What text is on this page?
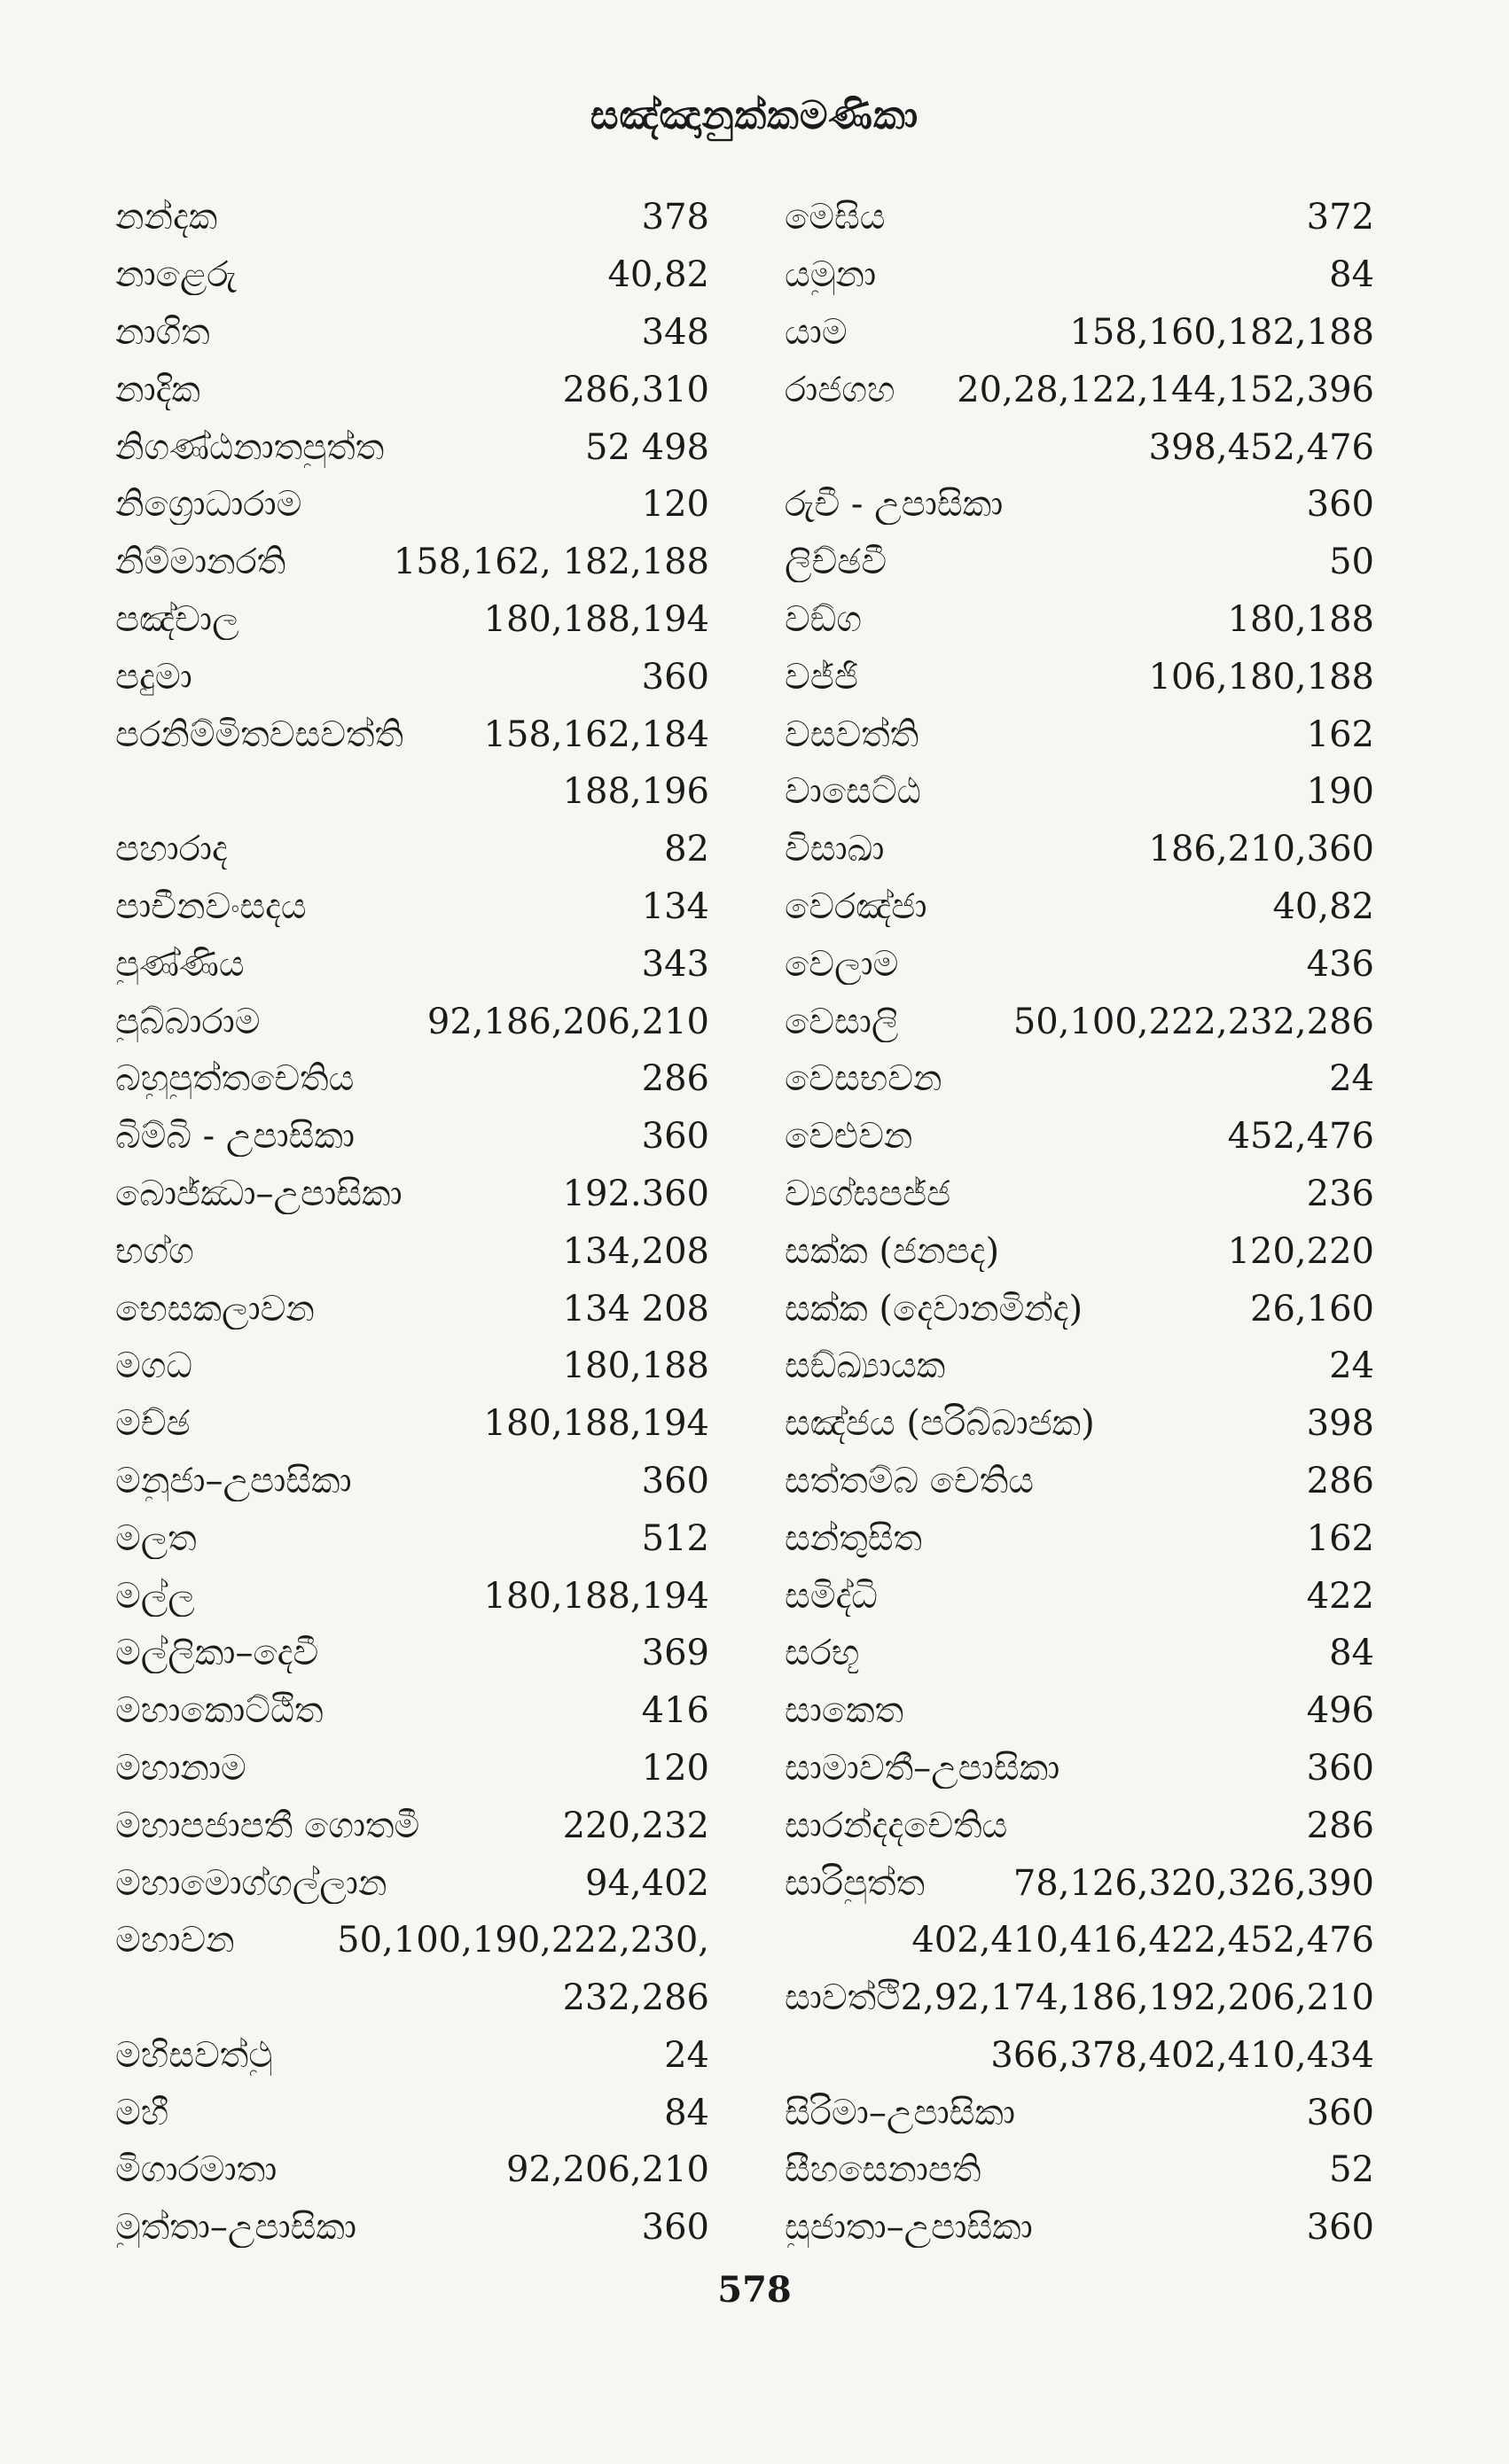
සඤ්ඤානුක්කමණිකා
නන්දක	378
නාළෙරු	40,82
නාගිත	348
නාදික	286,310
නිගණ්ඨනාතපුත්ත	52 498
නිග්‍රොධාරාම	120
නිම්මානරති	158,162, 182,188
පඤ්චාල	180,188,194
පදුමා	360
පරනිම්මිතවසවත්ති 158,162,184
188,196
පහාරාද	82
පාචීනවංසදය	134
පුණ්ණිය	343
පුබ්බාරාම	92,186,206,210
බහුපුත්තචෙතිය	286
බිම්බි - උපාසිකා	360
බොජ්ඣා–උපාසිකා	192.360
භග්ග	134,208
භෙසකලාවන	134 208
මගධ	180,188
මච්ඡ	180,188,194
මනුජා–උපාසිකා	360
මලත	512
මල්ල	180,188,194
මල්ලිකා–දෙවී	369
මහාකොට්ඨිත	416
මහානාම	120
මහාපජාපතී ගොතමී	220,232
මහාමොග්ගල්ලාන	94,402
මහාවන	50,100,190,222,230,
232,286
මහිසවත්ථු	24
මහී	84
මිගාරමාතා	92,206,210
මුත්තා–උපාසිකා	360
මෙඝිය	372
යමුනා	84
යාම	158,160,182,188
රාජගහ 20,28,122,144,152,396
398,452,476
රුචී - උපාසිකා	360
ලිච්ඡවී	50
වඞ්ග	180,188
වජ්ජි	106,180,188
වසවත්ති	162
වාසෙට්ඨ	190
විසාඛා	186,210,360
වෙරඤ්ජා	40,82
වෙලාම	436
වෙසාලි	50,100,222,232,286
වෙසභවන	24
වෙළුවන	452,476
ව්‍යග්ඝපජ්ජ	236
සක්ක (ජනපද)	120,220
සක්ක (දෙවානමින්ද)	26,160
සඞ්ඛ්‍යායක	24
සඤ්ජය (පරිබ්බාජක)	398
සත්තම්බ චෙතිය	286
සන්තුසිත	162
සමිද්ධි	422
සරභූ	84
සාකෙත	496
සාමාවතී–උපාසිකා	360
සාරන්දදචෙතිය	286
සාරිපුත්ත 78,126,320,326,390
402,410,416,422,452,476
සාවත්ථි 2,92,174,186,192,206,210
366,378,402,410,434
සිරිමා–උපාසිකා	360
සීහසෙනාපති	52
සුජාතා–උපාසිකා	360
578
